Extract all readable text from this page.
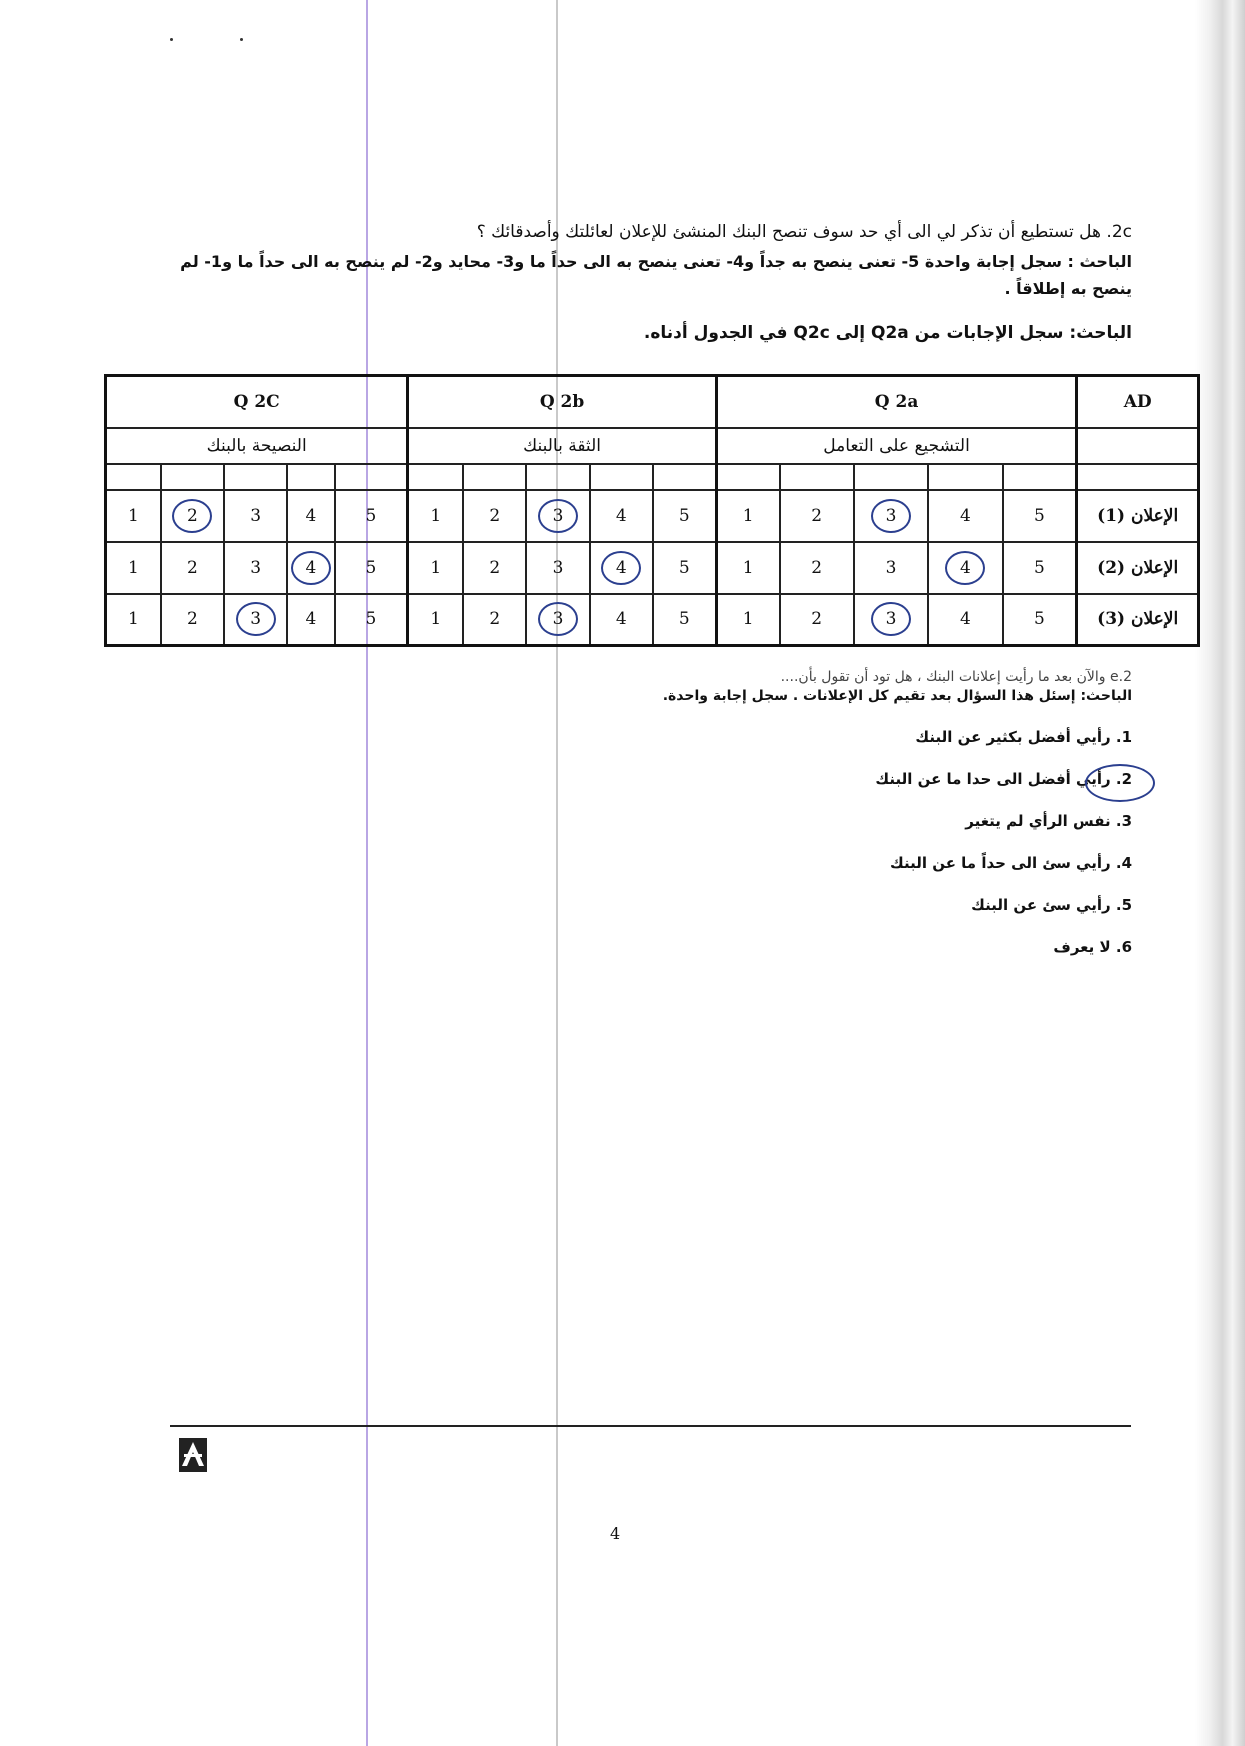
2c. هل تستطيع أن تذكر لي الى أي حد سوف تنصح البنك المنشئ للإعلان لعائلتك وأصدقائك ؟
الباحث : سجل إجابة واحدة 5- تعنى ينصح به جداً و4- تعنى ينصح به الى حداً ما و3- محايد و2- لم ينصح به الى حداً ما و1- لم ينصح به إطلاقاً .
الباحث: سجل الإجابات من Q2a إلى Q2c في الجدول أدناه.
Q 2C					Q 2b					Q 2a					AD
النصيحة بالبنك					الثقة بالبنك					التشجيع على التعامل					

1	2	3	4	5	1	2	3	4	5	1	2	3	4	5	الإعلان (1)
1	2	3	4	5	1	2	3	4	5	1	2	3	4	5	الإعلان (2)
1	2	3	4	5	1	2	3	4	5	1	2	3	4	5	الإعلان (3)
2.e والآن بعد ما رأيت إعلانات البنك ، هل تود أن تقول بأن....
الباحث: إسئل هذا السؤال بعد تقيم كل الإعلانات . سجل إجابة واحدة.
1. رأيي أفضل بكثير عن البنك
2. رأيي أفضل الى حدا ما عن البنك
3. نفس الرأي لم يتغير
4. رأيي سئ الى حداً ما عن البنك
5. رأيي سئ عن البنك
6. لا يعرف
4
